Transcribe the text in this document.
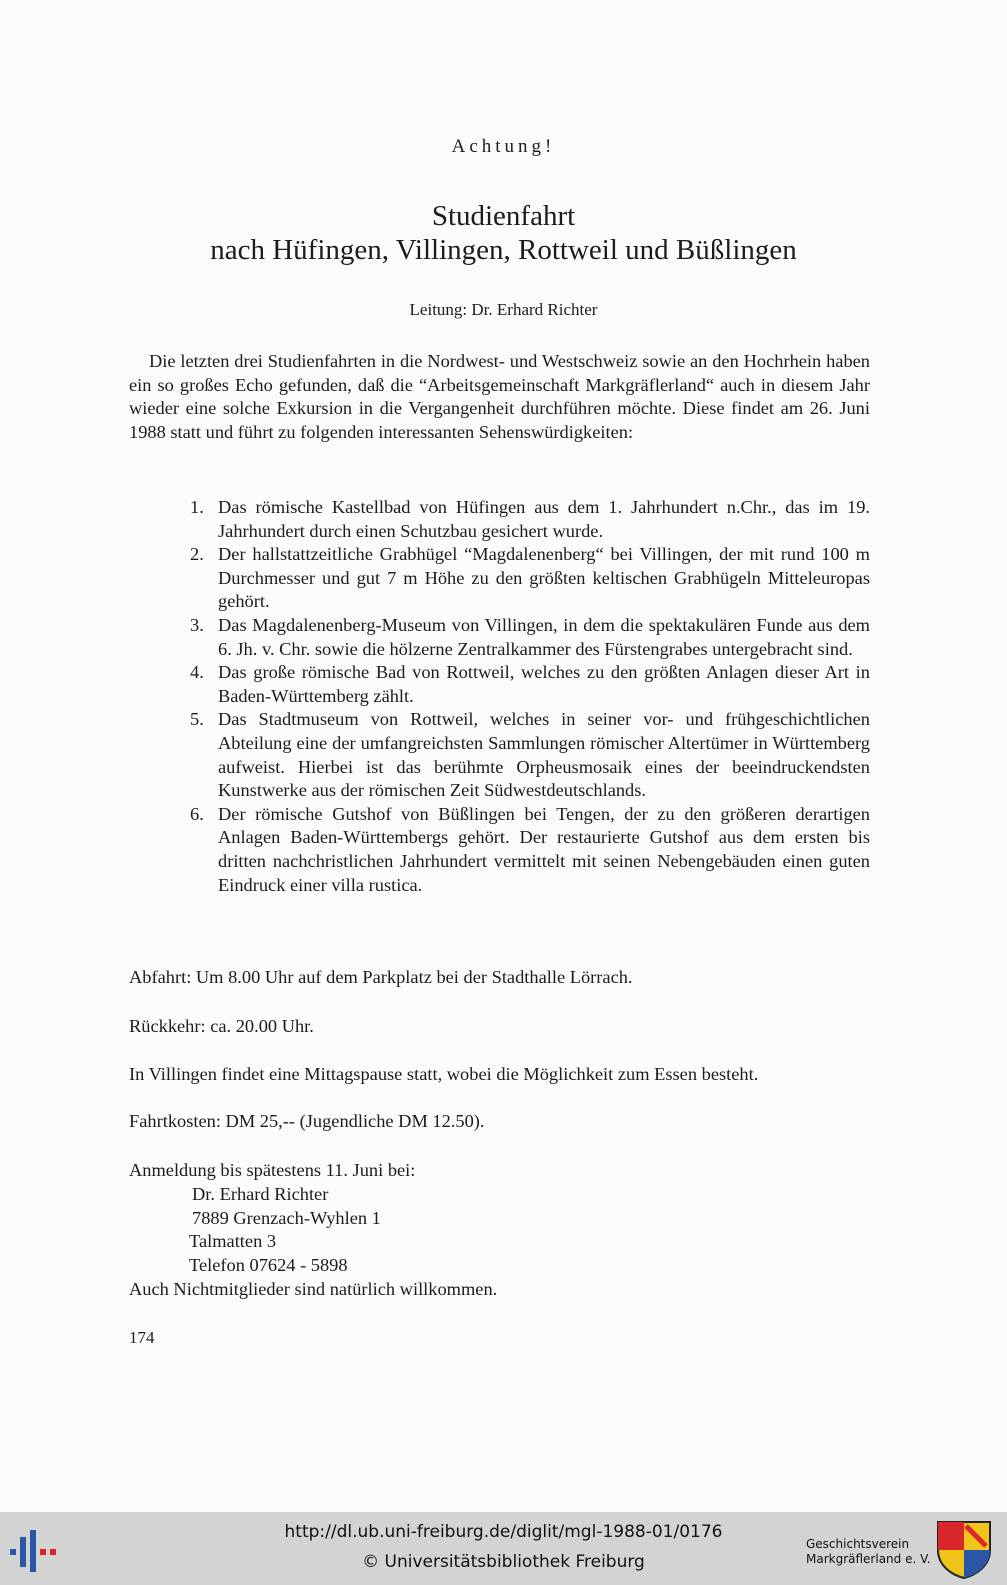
Achtung!
Studienfahrt
nach Hüfingen, Villingen, Rottweil und Büßlingen
Leitung: Dr. Erhard Richter

Die letzten drei Studienfahrten in die Nordwest- und Westschweiz sowie an den Hochrhein haben ein so großes Echo gefunden, daß die “Arbeitsgemeinschaft Markgräflerland“ auch in diesem Jahr wieder eine solche Exkursion in die Vergangenheit durchführen möchte. Diese findet am 26. Juni 1988 statt und führt zu folgenden interessanten Sehenswürdigkeiten:

1. Das römische Kastellbad von Hüfingen aus dem 1. Jahrhundert n.Chr., das im 19. Jahrhundert durch einen Schutzbau gesichert wurde.
2. Der hallstattzeitliche Grabhügel “Magdalenenberg“ bei Villingen, der mit rund 100 m Durchmesser und gut 7 m Höhe zu den größten keltischen Grabhügeln Mitteleuropas gehört.
3. Das Magdalenenberg-Museum von Villingen, in dem die spektakulären Funde aus dem 6. Jh. v. Chr. sowie die hölzerne Zentralkammer des Fürstengrabes untergebracht sind.
4. Das große römische Bad von Rottweil, welches zu den größten Anlagen dieser Art in Baden-Württemberg zählt.
5. Das Stadtmuseum von Rottweil, welches in seiner vor- und frühgeschichtlichen Abteilung eine der umfangreichsten Sammlungen römischer Altertümer in Württemberg aufweist. Hierbei ist das berühmte Orpheusmosaik eines der beeindruckendsten Kunstwerke aus der römischen Zeit Südwestdeutschlands.
6. Der römische Gutshof von Büßlingen bei Tengen, der zu den größeren derartigen Anlagen Baden-Württembergs gehört. Der restaurierte Gutshof aus dem ersten bis dritten nachchristlichen Jahrhundert vermittelt mit seinen Nebengebäuden einen guten Eindruck einer villa rustica.

Abfahrt: Um 8.00 Uhr auf dem Parkplatz bei der Stadthalle Lörrach.

Rückkehr: ca. 20.00 Uhr.

In Villingen findet eine Mittagspause statt, wobei die Möglichkeit zum Essen besteht.

Fahrtkosten: DM 25,-- (Jugendliche DM 12.50).

Anmeldung bis spätestens 11. Juni bei:

Dr. Erhard Richter
7889 Grenzach-Wyhlen 1
Talmatten 3
Telefon 07624 - 5898

Auch Nichtmitglieder sind natürlich willkommen.

174
http://dl.ub.uni-freiburg.de/diglit/mgl-1988-01/0176
© Universitätsbibliothek Freiburg
Geschichtsverein
Markgräflerland e. V.
